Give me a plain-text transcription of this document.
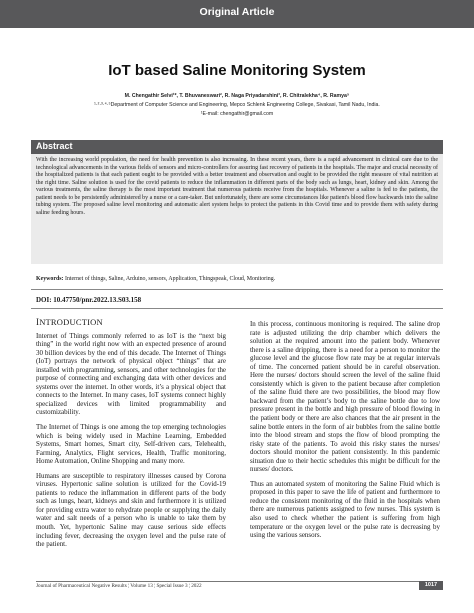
Original Article
IoT based Saline Monitoring System
M. Chengathir Selvi¹*, T. Bhuvaneswari², R. Naga Priyadarshini³, R. Chitralekha⁴, R. Ramya⁵
¹·²·³·⁴·⁵Department of Computer Science and Engineering, Mepco Schlenk Engineering College, Sivakasi, Tamil Nadu, India.
¹E-mail: chengathir@gmail.com
Abstract
With the increasing world population, the need for health prevention is also increasing. In these recent years, there is a rapid advancement in clinical care due to the technological advancements in the various fields of sensors and micro-controllers for assuring fast recovery of patients in the hospitals. The major and crucial necessity of the hospitalized patients is that each patient ought to be provided with a better treatment and observation and ought to be provided the right measure of vital nutrition at the right time. Saline solution is used for the covid patients to reduce the inflammation in different parts of the body such as lungs, heart, kidney and skin. Among the various treatments, the saline therapy is the most important treatment that numerous patients receive from the hospitals. Whenever a saline is fed to the patients, the patient needs to be persistently administered by a nurse or a care-taker. But unfortunately, there are some circumstances like patient's blood flow backwards into the saline tubing system. The proposed saline level monitoring and automatic alert system helps to protect the patients in this Covid time and to provide them with safety during saline feeding hours.
Keywords: Internet of things, Saline, Arduino, sensors, Application, Thingspeak, Cloud, Monitoring.
DOI: 10.47750/pnr.2022.13.S03.158
INTRODUCTION

Internet of Things commonly referred to as IoT is the “next big thing” in the world right now with an expected presence of around 30 billion devices by the end of this decade. The Internet of Things (IoT) portrays the network of physical object “things” that are installed with programming, sensors, and other technologies for the purpose of connecting and exchanging data with other devices and systems over the internet. In other words, it’s a physical object that connects to the Internet. In many cases, IoT systems connect highly specialized devices with limited programmability and customizability.

The Internet of Things is one among the top emerging technologies which is being widely used in Machine Learning, Embedded Systems, Smart homes, Smart city, Self-driven cars, Telehealth, Farming, Analytics, Flight services, Health, Traffic monitoring, Home Automation, Online Shopping and many more.

Humans are susceptible to respiratory illnesses caused by Corona viruses. Hypertonic saline solution is utilized for the Covid-19 patients to reduce the inflammation in different parts of the body such as lungs, heart, kidneys and skin and furthermore it is utilized for providing extra water to rehydrate people or supplying the daily water and salt needs of a person who is unable to take them by mouth. Yet, hypertonic Saline may cause serious side effects including fever, decreasing the oxygen level and the pulse rate of the patient.

In this process, continuous monitoring is required. The saline drop rate is adjusted utilizing the drip chamber which delivers the solution at the required amount into the patient body. Whenever there is a saline dripping, there is a need for a person to monitor the glucose level and the glucose flow rate may be at regular intervals of time. The concerned patient should be in careful observation. Here the nurses/ doctors should screen the level of the saline fluid consistently which is given to the patient because after completion of the saline fluid there are two possibilities, the blood may flow backward from the patient’s body to the saline bottle due to low pressure present in the bottle and high pressure of blood flowing in the patient body or there are also chances that the air present in the saline bottle enters in the form of air bubbles from the saline bottle into the blood stream and stops the flow of blood prompting the risky state of the patients. To avoid this risky states the nurses/ doctors should monitor the patient consistently. In this pandemic situation due to their hectic schedules this might be difficult for the nurses/ doctors.

Thus an automated system of monitoring the Saline Fluid which is proposed in this paper to save the life of patient and furthermore to reduce the consistent monitoring of the fluid in the hospitals when there are numerous patients assigned to few nurses. This system is also used to check whether the patient is suffering from high temperature or the oxygen level or the pulse rate is decreasing by using the various sensors.

Journal of Pharmaceutical Negative Results ¦ Volume 13 ¦ Special Issue 3 ¦ 2022	1017
